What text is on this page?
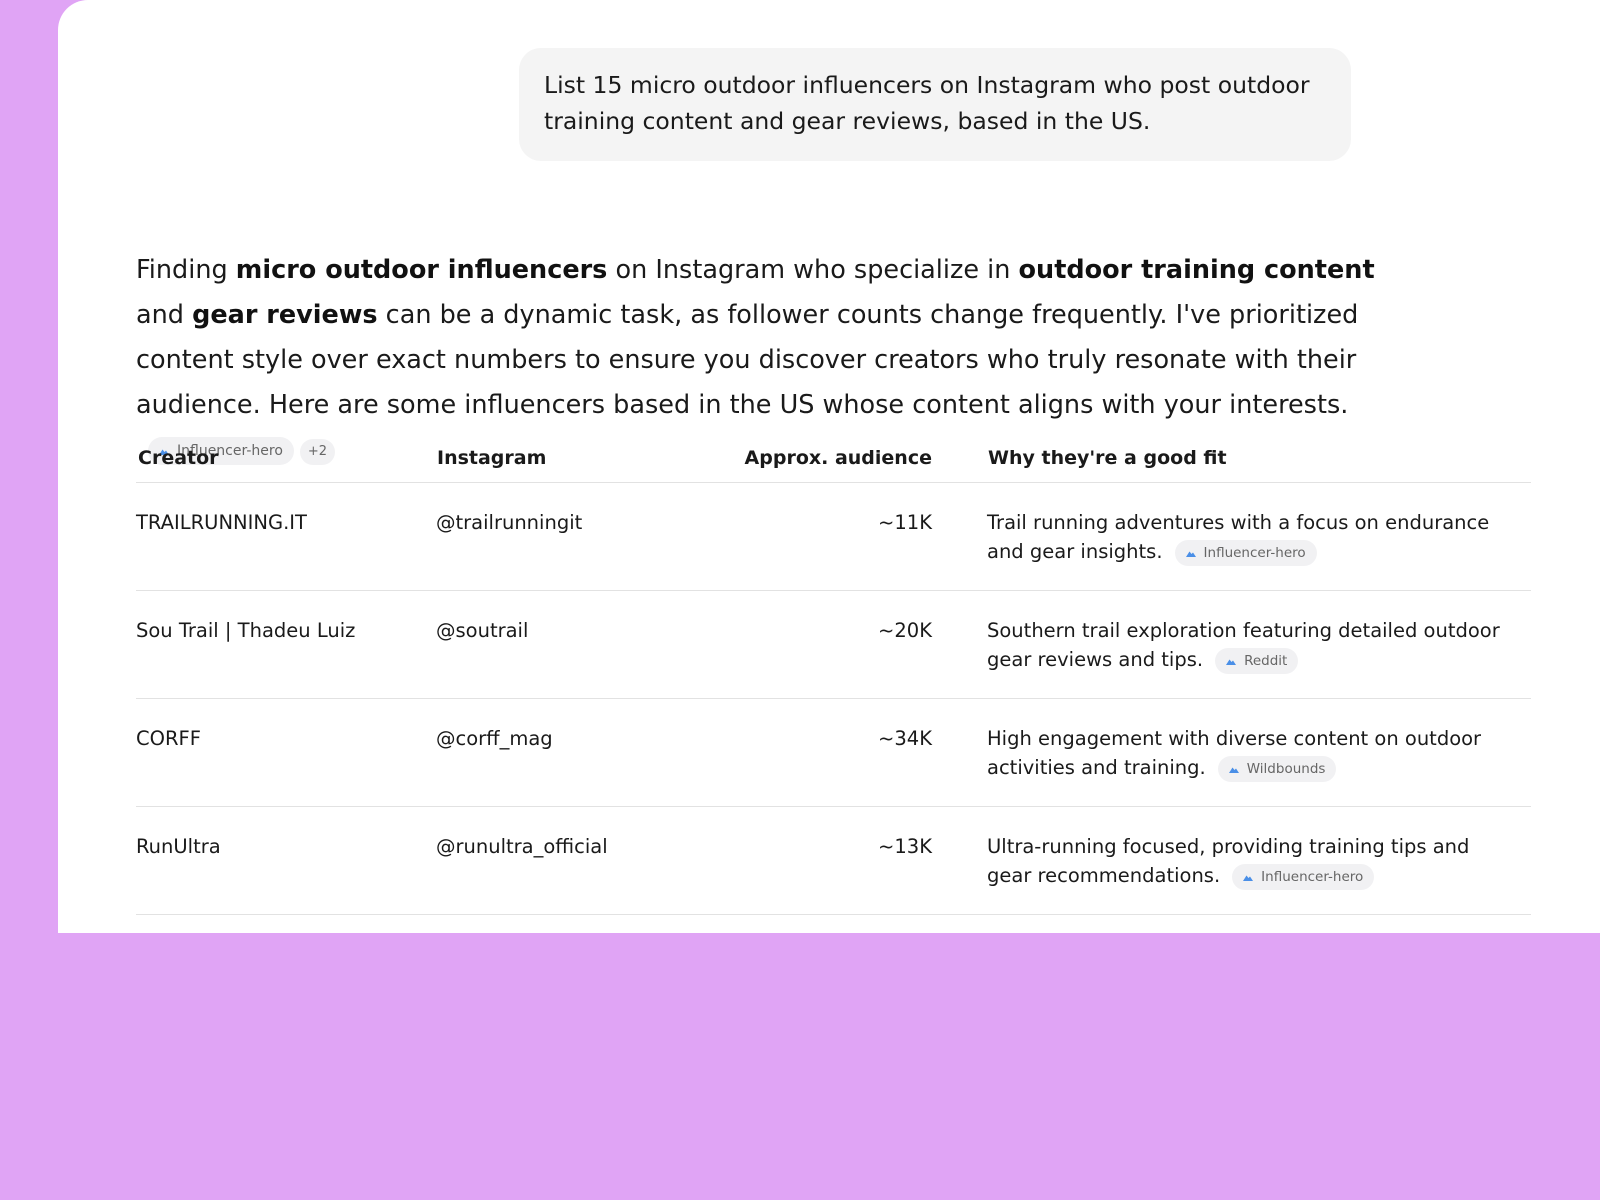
List 15 micro outdoor influencers on Instagram who post outdoor training content and gear reviews, based in the US.
Finding micro outdoor influencers on Instagram who specialize in outdoor training content and gear reviews can be a dynamic task, as follower counts change frequently. I've prioritized content style over exact numbers to ensure you discover creators who truly resonate with their audience. Here are some influencers based in the US whose content aligns with your interests.
Influencer-hero +2
Creator	Instagram	Approx. audience	Why they're a good fit
TRAILRUNNING.IT	@trailrunningit	~11K	Trail running adventures with a focus on endurance and gear insights. Influencer-hero

Sou Trail | Thadeu Luiz	@soutrail	~20K	Southern trail exploration featuring detailed outdoor gear reviews and tips. Reddit

CORFF	@corff_mag	~34K	High engagement with diverse content on outdoor activities and training. Wildbounds

RunUltra	@runultra_official	~13K	Ultra-running focused, providing training tips and gear recommendations. Influencer-hero
